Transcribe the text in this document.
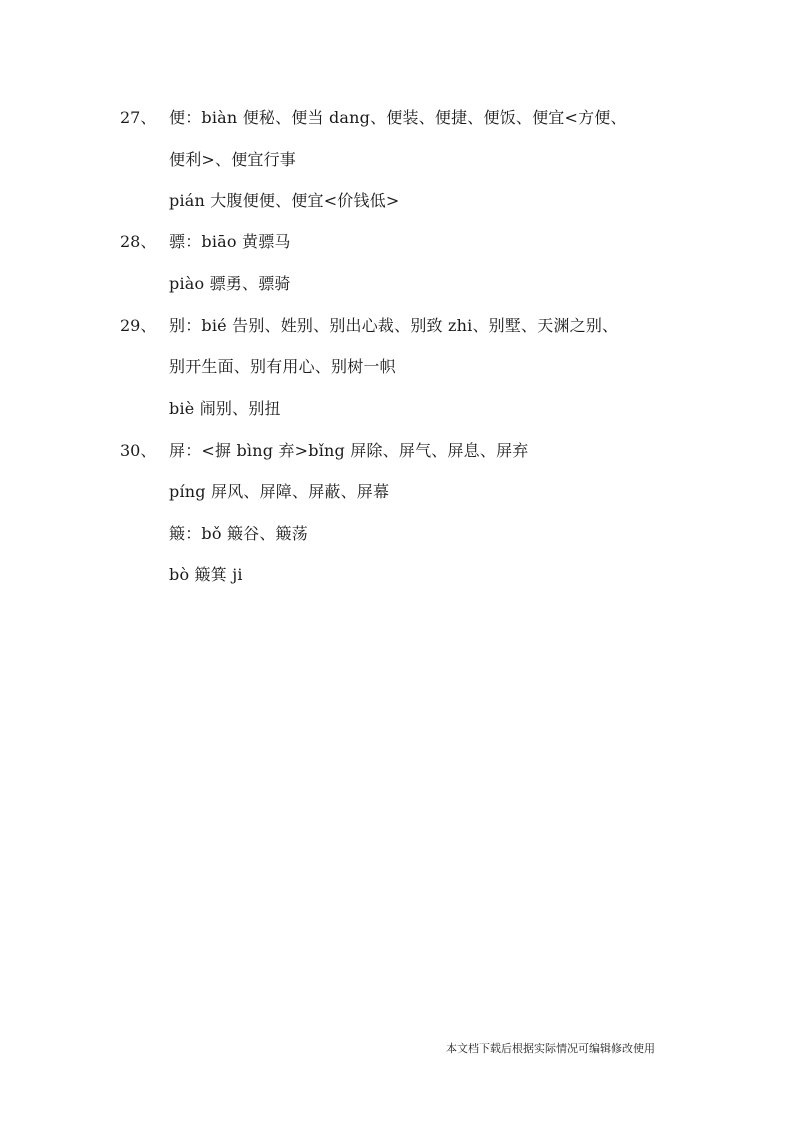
27、 便：biàn 便秘、便当 dang、便装、便捷、便饭、便宜<方便、
便利>、便宜行事
pián 大腹便便、便宜<价钱低>
28、 骠：biāo 黄骠马
piào 骠勇、骠骑
29、 别：bié 告别、姓别、别出心裁、别致 zhi、别墅、天渊之别、
别开生面、别有用心、别树一帜
biè 闹别、别扭
30、 屏：<摒 bìng 弃>bǐng 屏除、屏气、屏息、屏弃
píng 屏风、屏障、屏蔽、屏幕
簸：bǒ 簸谷、簸荡
bò 簸箕 ji
本文档下载后根据实际情况可编辑修改使用
